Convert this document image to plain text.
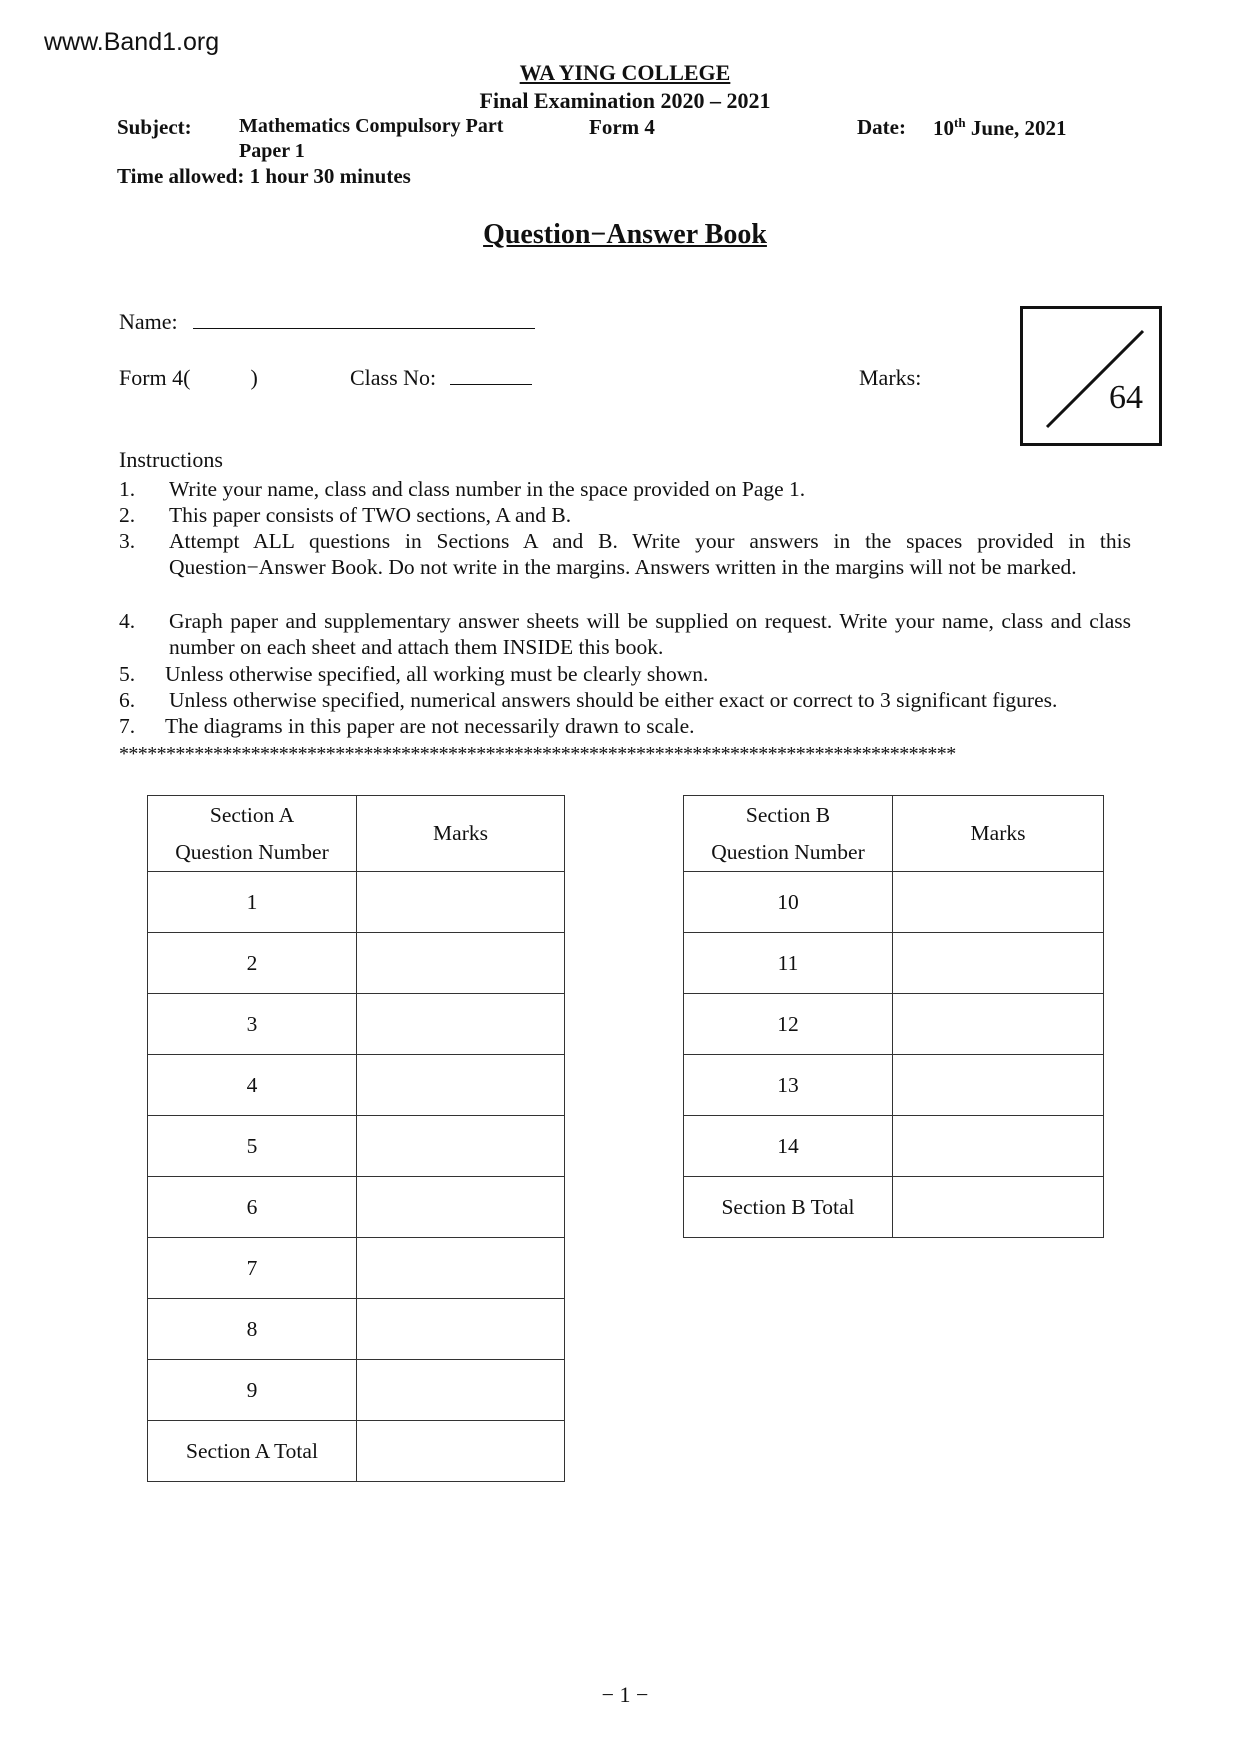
www.Band1.org
WA YING COLLEGE
Final Examination 2020 – 2021
Subject: Mathematics Compulsory Part
Paper 1
Form 4	Date: 10th June, 2021
Time allowed: 1 hour 30 minutes
Question−Answer Book
Name:
Form 4(	)	Class No:	Marks:
64
Instructions
1. Write your name, class and class number in the space provided on Page 1.
2. This paper consists of TWO sections, A and B.
3. Attempt ALL questions in Sections A and B. Write your answers in the spaces provided in this Question−Answer Book. Do not write in the margins. Answers written in the margins will not be marked.
4. Graph paper and supplementary answer sheets will be supplied on request. Write your name, class and class number on each sheet and attach them INSIDE this book.
5. Unless otherwise specified, all working must be clearly shown.
6. Unless otherwise specified, numerical answers should be either exact or correct to 3 significant figures.
7. The diagrams in this paper are not necessarily drawn to scale.
*****************************************************************************************
Section A
Question Number	Marks
1	
2	
3	
4	
5	
6	
7	
8	
9	
Section A Total	
Section B
Question Number	Marks
10	
11	
12	
13	
14	
Section B Total	
− 1 −
